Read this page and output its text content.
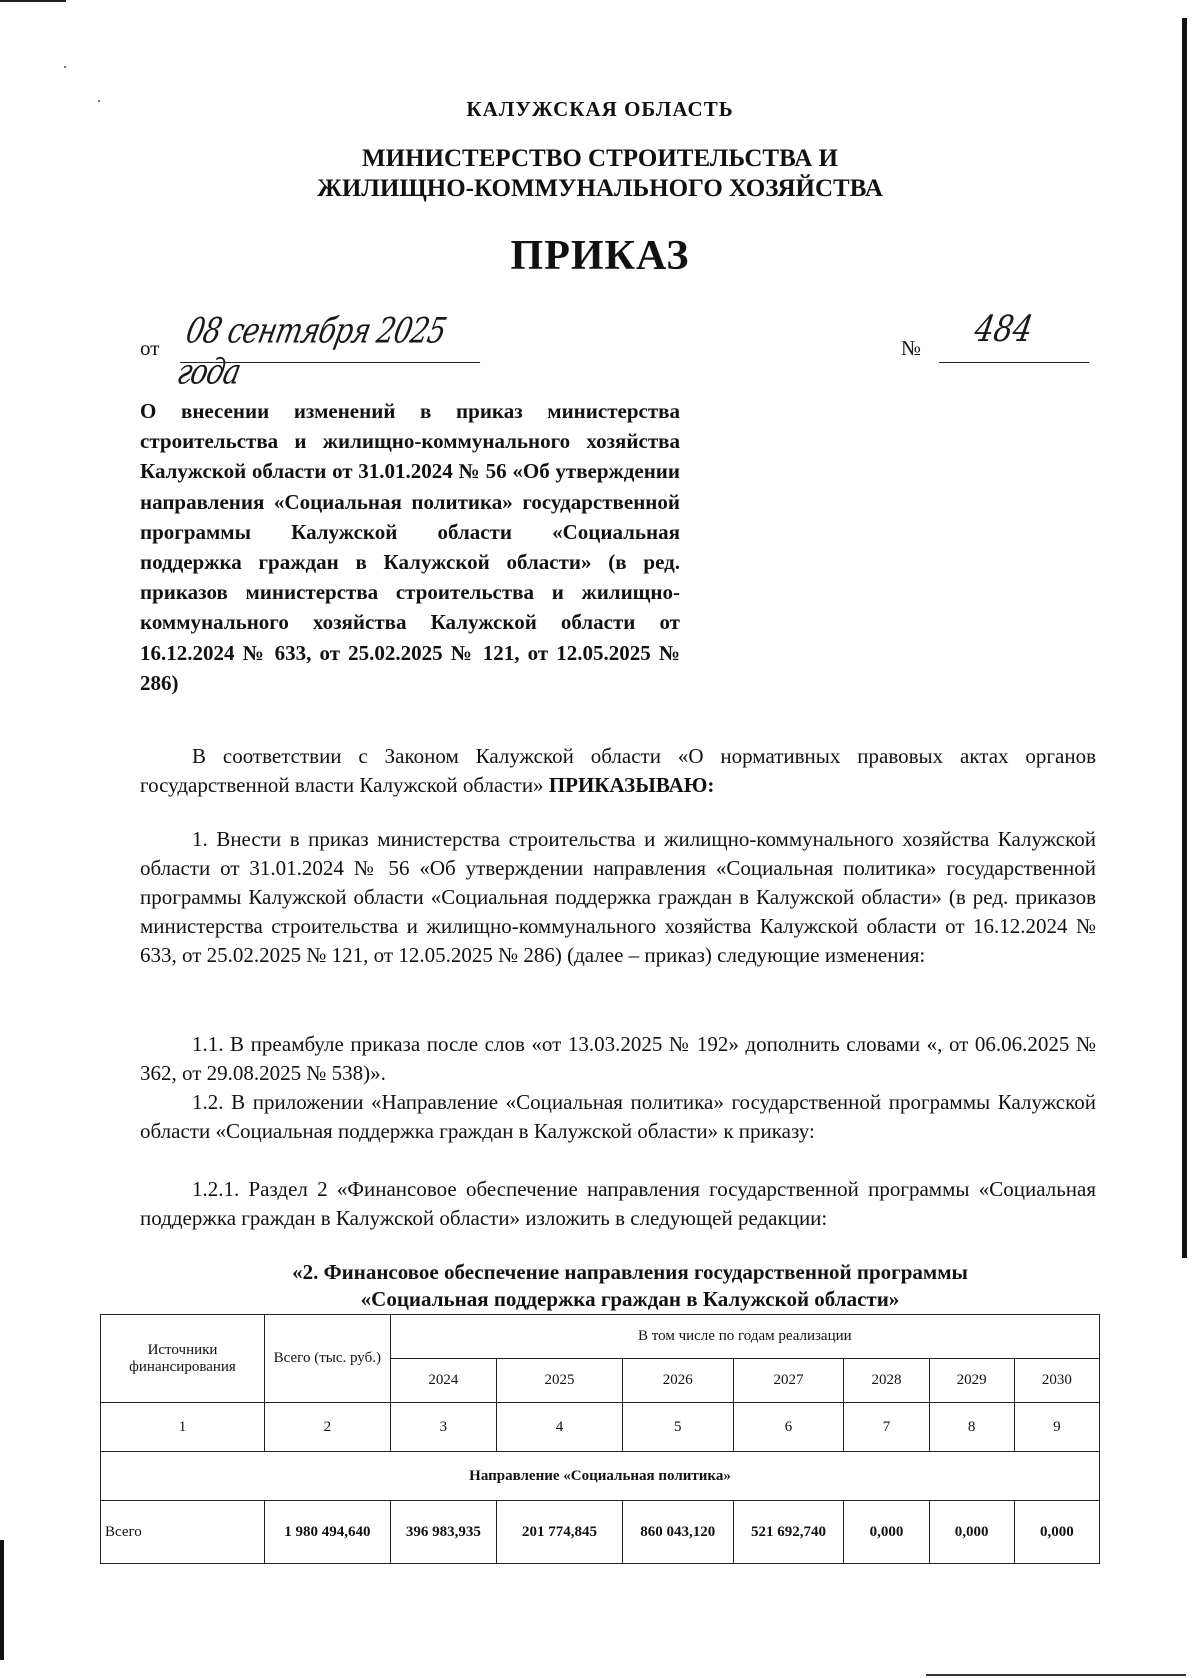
КАЛУЖСКАЯ ОБЛАСТЬ
МИНИСТЕРСТВО СТРОИТЕЛЬСТВА И
ЖИЛИЩНО-КОММУНАЛЬНОГО ХОЗЯЙСТВА
ПРИКАЗ
от 08 сентября 2025 года
№	484
О внесении изменений в приказ министерства строительства и жилищно-коммунального хозяйства Калужской области от 31.01.2024 № 56 «Об утверждении направления «Социальная политика» государственной программы Калужской области «Социальная поддержка граждан в Калужской области» (в ред. приказов министерства строительства и жилищно-коммунального хозяйства Калужской области от 16.12.2024 № 633, от 25.02.2025 № 121, от 12.05.2025 № 286)
В соответствии с Законом Калужской области «О нормативных правовых актах органов государственной власти Калужской области» ПРИКАЗЫВАЮ:
1. Внести в приказ министерства строительства и жилищно-коммунального хозяйства Калужской области от 31.01.2024 № 56 «Об утверждении направления «Социальная политика» государственной программы Калужской области «Социальная поддержка граждан в Калужской области» (в ред. приказов министерства строительства и жилищно-коммунального хозяйства Калужской области от 16.12.2024 № 633, от 25.02.2025 № 121, от 12.05.2025 № 286) (далее – приказ) следующие изменения:
1.1. В преамбуле приказа после слов «от 13.03.2025 № 192» дополнить словами «, от 06.06.2025 № 362, от 29.08.2025 № 538)».
1.2. В приложении «Направление «Социальная политика» государственной программы Калужской области «Социальная поддержка граждан в Калужской области» к приказу:
1.2.1. Раздел 2 «Финансовое обеспечение направления государственной программы «Социальная поддержка граждан в Калужской области» изложить в следующей редакции:
«2. Финансовое обеспечение направления государственной программы
«Социальная поддержка граждан в Калужской области»
Источники финансирования	Всего (тыс. руб.)	В том числе по годам реализации						
		2024	2025	2026	2027	2028	2029	2030
1	2	3	4	5	6	7	8	9
Направление «Социальная политика»								
Всего	1 980 494,640	396 983,935	201 774,845	860 043,120	521 692,740	0,000	0,000	0,000
